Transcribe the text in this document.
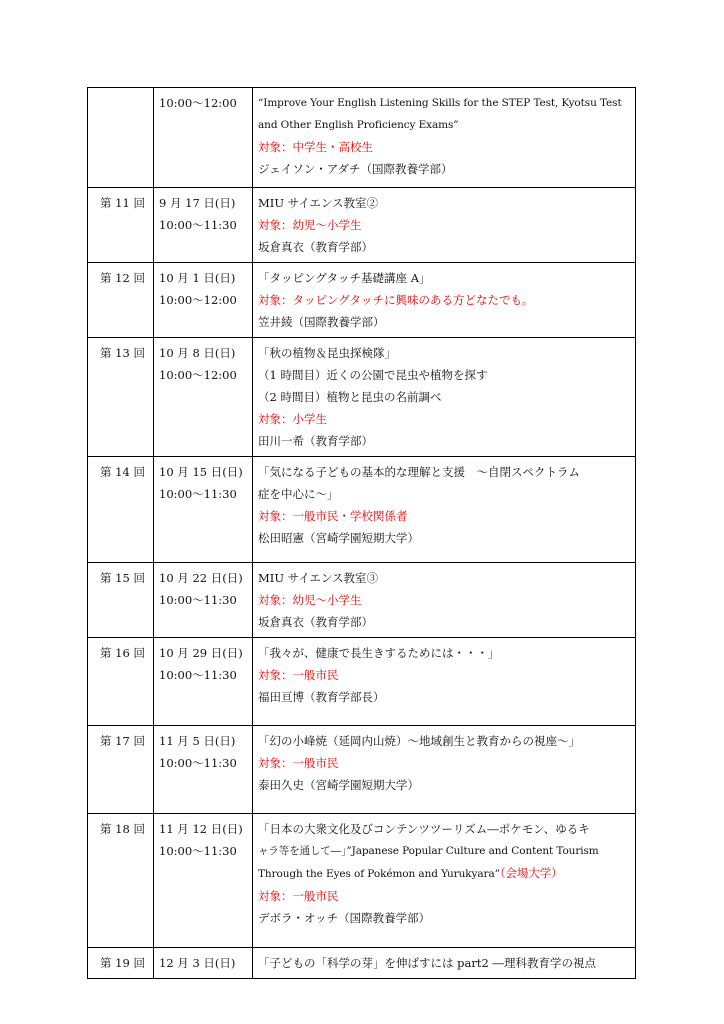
	10:00～12:00	“Improve Your English Listening Skills for the STEP Test, Kyotsu Test
and Other English Proficiency Exams”
対象：中学生・高校生
ジェイソン・アダチ（国際教養学部）

第 11 回	9 月 17 日(日)
10:00～11:30	MIU サイエンス教室②
対象：幼児～小学生
坂倉真衣（教育学部）

第 12 回	10 月 1 日(日)
10:00～12:00	「タッピングタッチ基礎講座 A」
対象：タッピングタッチに興味のある方どなたでも。
笠井綾（国際教養学部）

第 13 回	10 月 8 日(日)
10:00～12:00	「秋の植物＆昆虫探検隊」
（1 時間目）近くの公園で昆虫や植物を探す
（2 時間目）植物と昆虫の名前調べ
対象：小学生
田川一希（教育学部）

第 14 回	10 月 15 日(日)
10:00～11:30	「気になる子どもの基本的な理解と支援　～自閉スペクトラム
症を中心に～」
対象：一般市民・学校関係者
松田昭憲（宮崎学園短期大学）

第 15 回	10 月 22 日(日)
10:00～11:30	MIU サイエンス教室③
対象：幼児～小学生
坂倉真衣（教育学部）

第 16 回	10 月 29 日(日)
10:00～11:30	「我々が、健康で長生きするためには・・・」
対象：一般市民
福田亘博（教育学部長）

第 17 回	11 月 5 日(日)
10:00～11:30	「幻の小峰焼（延岡内山焼）～地域創生と教育からの視座～」
対象：一般市民
泰田久史（宮崎学園短期大学）

第 18 回	11 月 12 日(日)
10:00～11:30	「日本の大衆文化及びコンテンツツーリズム―ポケモン、ゆるキ
ャラ等を通して―」”Japanese Popular Culture and Content Tourism
Through the Eyes of Pokémon and Yurukyara”（会場大学）
対象：一般市民
デボラ・オッチ（国際教養学部）

第 19 回	12 月 3 日(日)	「子どもの「科学の芽」を伸ばすには part2 ―理科教育学の視点
